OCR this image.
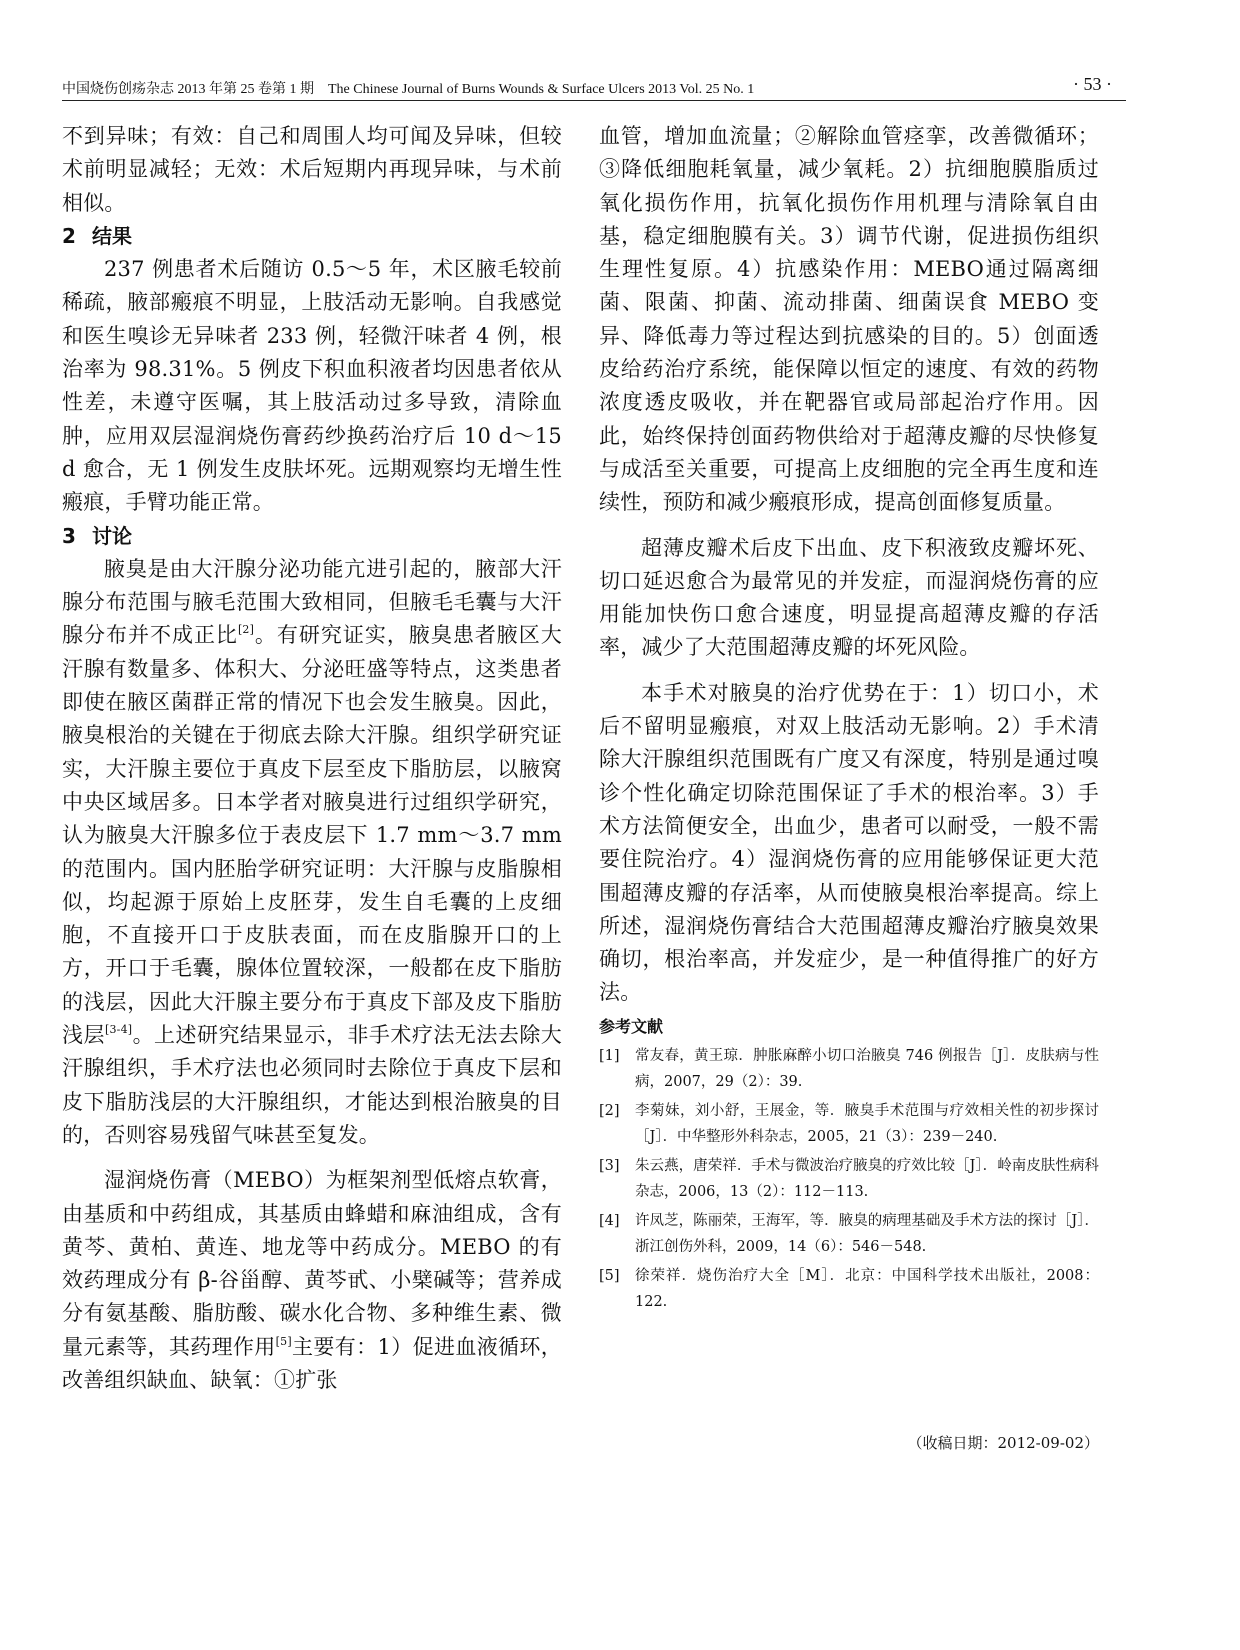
中国烧伤创疡杂志 2013 年第 25 卷第 1 期　The Chinese Journal of Burns Wounds & Surface Ulcers 2013 Vol. 25 No. 1	· 53 ·

不到异味；有效：自己和周围人均可闻及异味，但较术前明显减轻；无效：术后短期内再现异味，与术前相似。

2 结果

237 例患者术后随访 0.5～5 年，术区腋毛较前稀疏，腋部瘢痕不明显，上肢活动无影响。自我感觉和医生嗅诊无异味者 233 例，轻微汗味者 4 例，根治率为 98.31%。5 例皮下积血积液者均因患者依从性差，未遵守医嘱，其上肢活动过多导致，清除血肿，应用双层湿润烧伤膏药纱换药治疗后 10 d～15 d 愈合，无 1 例发生皮肤坏死。远期观察均无增生性瘢痕，手臂功能正常。

3 讨论

腋臭是由大汗腺分泌功能亢进引起的，腋部大汗腺分布范围与腋毛范围大致相同，但腋毛毛囊与大汗腺分布并不成正比[2]。有研究证实，腋臭患者腋区大汗腺有数量多、体积大、分泌旺盛等特点，这类患者即使在腋区菌群正常的情况下也会发生腋臭。因此，腋臭根治的关键在于彻底去除大汗腺。组织学研究证实，大汗腺主要位于真皮下层至皮下脂肪层，以腋窝中央区域居多。日本学者对腋臭进行过组织学研究，认为腋臭大汗腺多位于表皮层下 1.7 mm～3.7 mm 的范围内。国内胚胎学研究证明：大汗腺与皮脂腺相似，均起源于原始上皮胚芽，发生自毛囊的上皮细胞，不直接开口于皮肤表面，而在皮脂腺开口的上方，开口于毛囊，腺体位置较深，一般都在皮下脂肪的浅层，因此大汗腺主要分布于真皮下部及皮下脂肪浅层[3-4]。上述研究结果显示，非手术疗法无法去除大汗腺组织，手术疗法也必须同时去除位于真皮下层和皮下脂肪浅层的大汗腺组织，才能达到根治腋臭的目的，否则容易残留气味甚至复发。

湿润烧伤膏（MEBO）为框架剂型低熔点软膏，由基质和中药组成，其基质由蜂蜡和麻油组成，含有黄芩、黄柏、黄连、地龙等中药成分。MEBO 的有效药理成分有 β-谷甾醇、黄芩甙、小檗碱等；营养成分有氨基酸、脂肪酸、碳水化合物、多种维生素、微量元素等，其药理作用[5]主要有：1）促进血液循环，改善组织缺血、缺氧：①扩张

血管，增加血流量；②解除血管痉挛，改善微循环；③降低细胞耗氧量，减少氧耗。2）抗细胞膜脂质过氧化损伤作用，抗氧化损伤作用机理与清除氧自由基，稳定细胞膜有关。3）调节代谢，促进损伤组织生理性复原。4）抗感染作用：MEBO通过隔离细菌、限菌、抑菌、流动排菌、细菌误食 MEBO 变异、降低毒力等过程达到抗感染的目的。5）创面透皮给药治疗系统，能保障以恒定的速度、有效的药物浓度透皮吸收，并在靶器官或局部起治疗作用。因此，始终保持创面药物供给对于超薄皮瓣的尽快修复与成活至关重要，可提高上皮细胞的完全再生度和连续性，预防和减少瘢痕形成，提高创面修复质量。

超薄皮瓣术后皮下出血、皮下积液致皮瓣坏死、切口延迟愈合为最常见的并发症，而湿润烧伤膏的应用能加快伤口愈合速度，明显提高超薄皮瓣的存活率，减少了大范围超薄皮瓣的坏死风险。

本手术对腋臭的治疗优势在于：1）切口小，术后不留明显瘢痕，对双上肢活动无影响。2）手术清除大汗腺组织范围既有广度又有深度，特别是通过嗅诊个性化确定切除范围保证了手术的根治率。3）手术方法简便安全，出血少，患者可以耐受，一般不需要住院治疗。4）湿润烧伤膏的应用能够保证更大范围超薄皮瓣的存活率，从而使腋臭根治率提高。综上所述，湿润烧伤膏结合大范围超薄皮瓣治疗腋臭效果确切，根治率高，并发症少，是一种值得推广的好方法。

参考文献
[1]	常友春，黄王琼．肿胀麻醉小切口治腋臭 746 例报告［J］．皮肤病与性病，2007，29（2）：39.
[2]	李菊妹，刘小舒，王展金，等．腋臭手术范围与疗效相关性的初步探讨［J］．中华整形外科杂志，2005，21（3）：239－240.
[3]	朱云燕，唐荣祥．手术与微波治疗腋臭的疗效比较［J］．岭南皮肤性病科杂志，2006，13（2）：112－113.
[4]	许凤芝，陈丽荣，王海军，等．腋臭的病理基础及手术方法的探讨［J］．浙江创伤外科，2009，14（6）：546－548.
[5]	徐荣祥．烧伤治疗大全［M］．北京：中国科学技术出版社，2008：122.
（收稿日期：2012-09-02）
